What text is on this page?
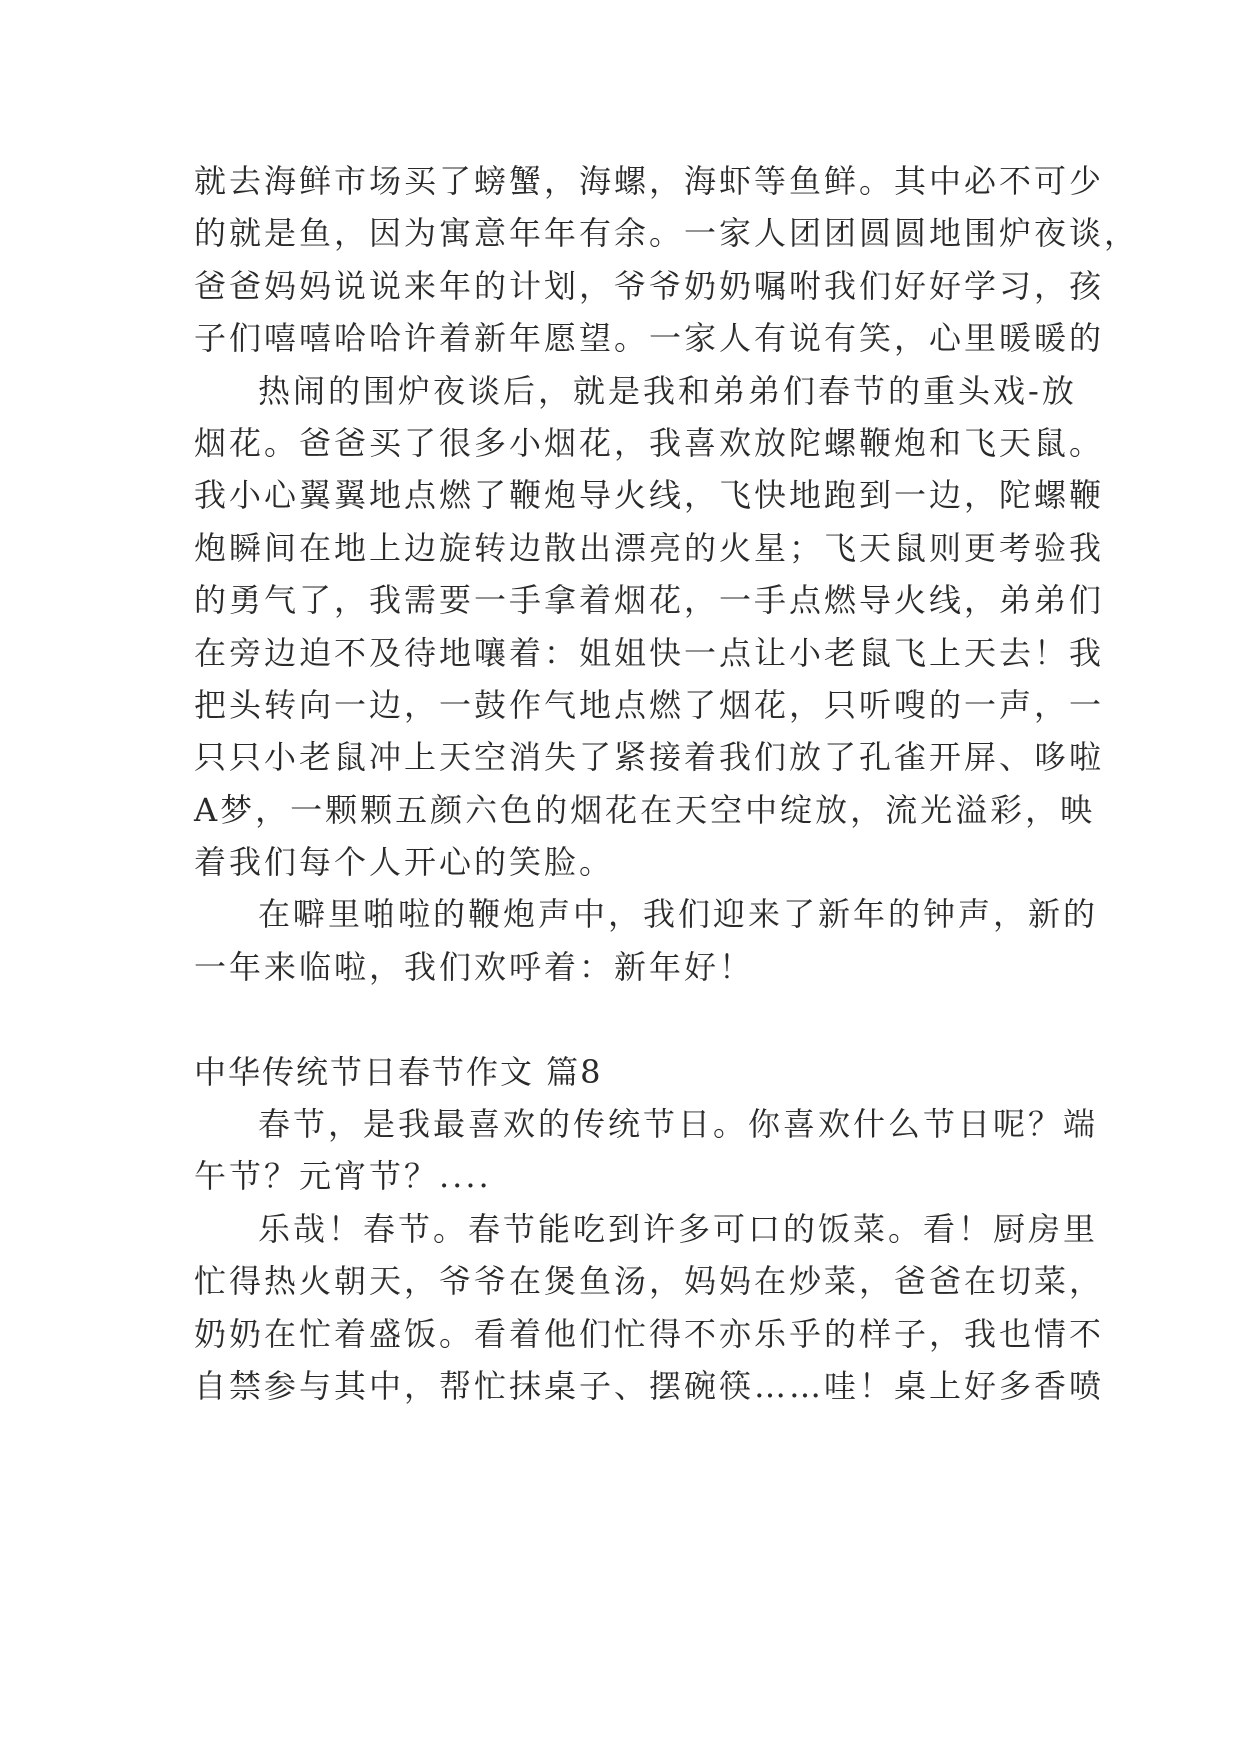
就去海鲜市场买了螃蟹，海螺，海虾等鱼鲜。其中必不可少
的就是鱼，因为寓意年年有余。一家人团团圆圆地围炉夜谈，
爸爸妈妈说说来年的计划，爷爷奶奶嘱咐我们好好学习，孩
子们嘻嘻哈哈许着新年愿望。一家人有说有笑，心里暖暖的
热闹的围炉夜谈后，就是我和弟弟们春节的重头戏-放
烟花。爸爸买了很多小烟花，我喜欢放陀螺鞭炮和飞天鼠。
我小心翼翼地点燃了鞭炮导火线，飞快地跑到一边，陀螺鞭
炮瞬间在地上边旋转边散出漂亮的火星；飞天鼠则更考验我
的勇气了，我需要一手拿着烟花，一手点燃导火线，弟弟们
在旁边迫不及待地嚷着：姐姐快一点让小老鼠飞上天去！我
把头转向一边，一鼓作气地点燃了烟花，只听嗖的一声，一
只只小老鼠冲上天空消失了紧接着我们放了孔雀开屏、哆啦
A梦，一颗颗五颜六色的烟花在天空中绽放，流光溢彩，映
着我们每个人开心的笑脸。
在噼里啪啦的鞭炮声中，我们迎来了新年的钟声，新的
一年来临啦，我们欢呼着：新年好！
中华传统节日春节作文 篇8
春节，是我最喜欢的传统节日。你喜欢什么节日呢？端
午节？元宵节？....
乐哉！春节。春节能吃到许多可口的饭菜。看！厨房里
忙得热火朝天，爷爷在煲鱼汤，妈妈在炒菜，爸爸在切菜，
奶奶在忙着盛饭。看着他们忙得不亦乐乎的样子，我也情不
自禁参与其中，帮忙抹桌子、摆碗筷……哇！桌上好多香喷
